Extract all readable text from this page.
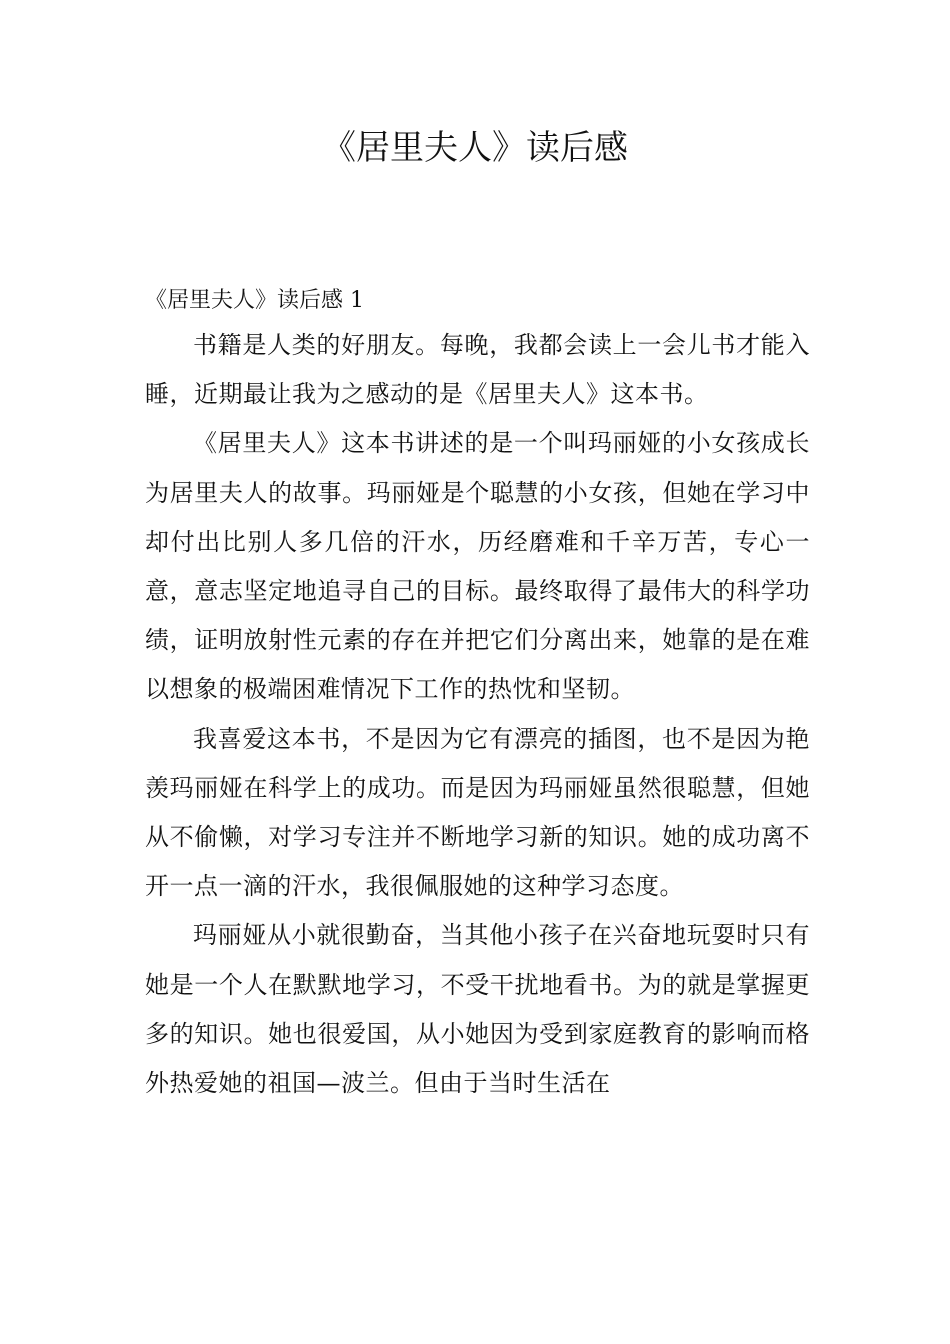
《居里夫人》读后感
《居里夫人》读后感 1

书籍是人类的好朋友。每晚，我都会读上一会儿书才能入睡，近期最让我为之感动的是《居里夫人》这本书。

《居里夫人》这本书讲述的是一个叫玛丽娅的小女孩成长为居里夫人的故事。玛丽娅是个聪慧的小女孩，但她在学习中却付出比别人多几倍的汗水，历经磨难和千辛万苦，专心一意，意志坚定地追寻自己的目标。最终取得了最伟大的科学功绩，证明放射性元素的存在并把它们分离出来，她靠的是在难以想象的极端困难情况下工作的热忱和坚韧。

我喜爱这本书，不是因为它有漂亮的插图，也不是因为艳羡玛丽娅在科学上的成功。而是因为玛丽娅虽然很聪慧，但她从不偷懒，对学习专注并不断地学习新的知识。她的成功离不开一点一滴的汗水，我很佩服她的这种学习态度。

玛丽娅从小就很勤奋，当其他小孩子在兴奋地玩耍时只有她是一个人在默默地学习，不受干扰地看书。为的就是掌握更多的知识。她也很爱国，从小她因为受到家庭教育的影响而格外热爱她的祖国—波兰。但由于当时生活在
